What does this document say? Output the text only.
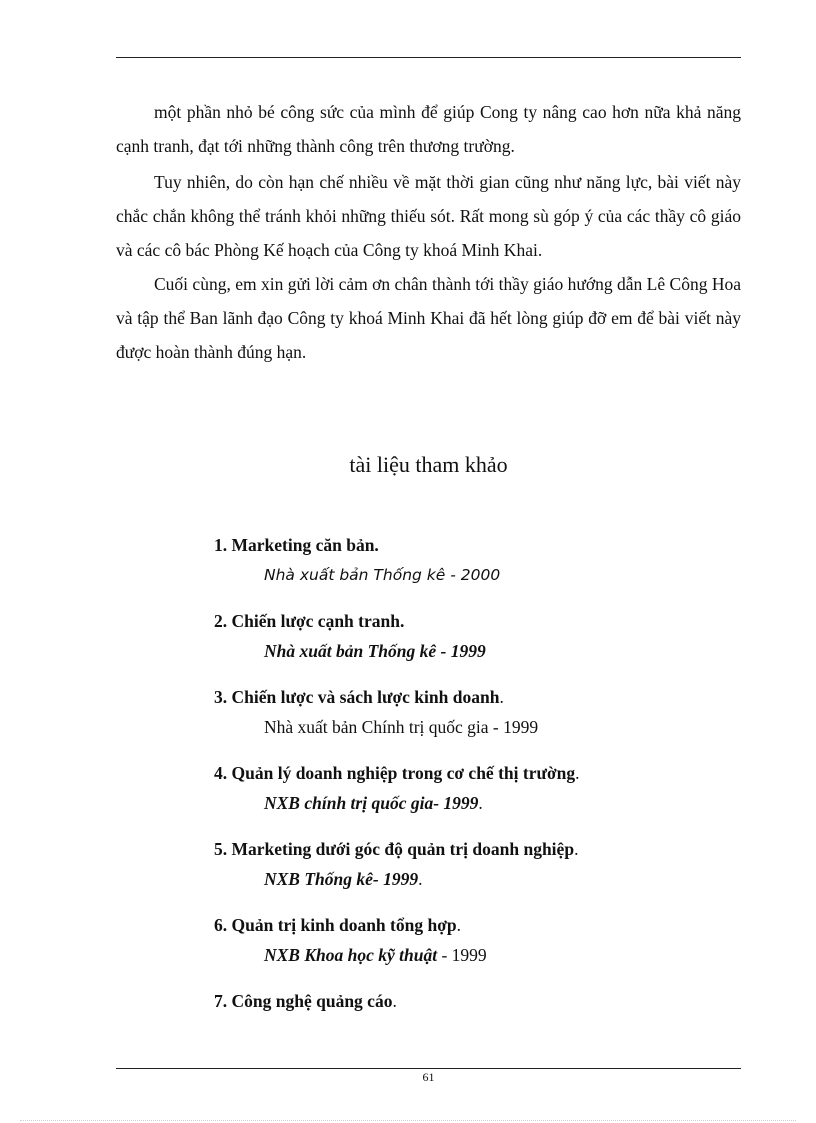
một phần nhỏ bé công sức của mình để giúp Cong ty nâng cao hơn nữa khả năng cạnh tranh, đạt tới những thành công trên thương trường.

Tuy nhiên, do còn hạn chế nhiều về mặt thời gian cũng như năng lực, bài viết này chắc chắn không thể tránh khỏi những thiếu sót. Rất mong sù góp ý của các thầy cô giáo và các cô bác Phòng Kế hoạch của Công ty khoá Minh Khai.

Cuối cùng, em xin gửi lời cảm ơn chân thành tới thầy giáo hướng dẫn Lê Công Hoa và tập thể Ban lãnh đạo Công ty khoá Minh Khai đã hết lòng giúp đỡ em để bài viết này được hoàn thành đúng hạn.

tài liệu tham khảo
1. Marketing căn bản.
Nhà xuất bản Thống kê - 2000
2. Chiến lược cạnh tranh.
Nhà xuất bản Thống kê - 1999
3. Chiến lược và sách lược kinh doanh.
Nhà xuất bản Chính trị quốc gia - 1999
4. Quản lý doanh nghiệp trong cơ chế thị trường.
NXB chính trị quốc gia- 1999.
5. Marketing dưới góc độ quản trị doanh nghiệp.
NXB Thống kê- 1999.
6. Quản trị kinh doanh tổng hợp.
NXB Khoa học kỹ thuật - 1999
7. Công nghệ quảng cáo.
61
